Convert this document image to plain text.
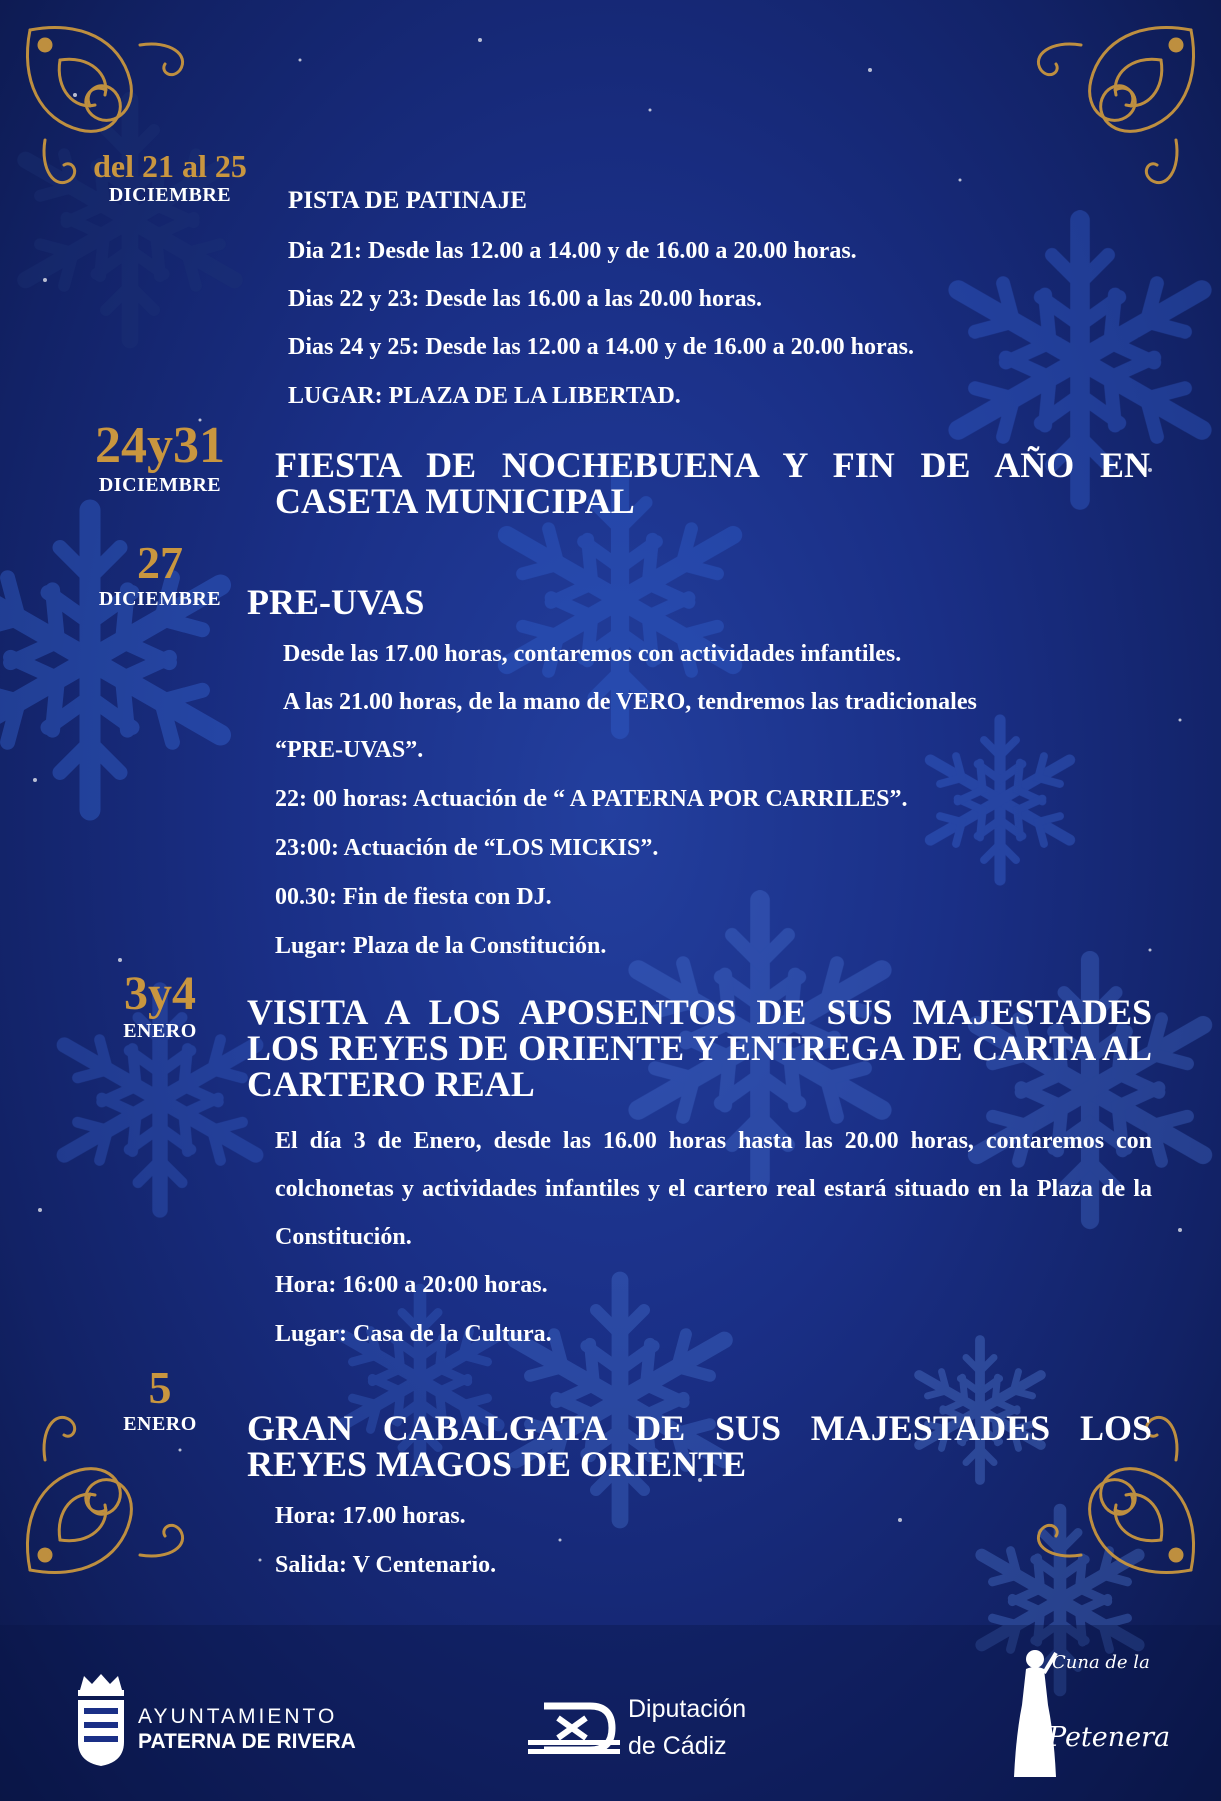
del 21 al 25
DICIEMBRE	PISTA DE PATINAJE
Dia 21: Desde las 12.00 a 14.00 y de 16.00 a 20.00 horas.
Dias 22 y 23: Desde las 16.00 a las 20.00 horas.
Dias 24 y 25: Desde las 12.00 a 14.00 y de 16.00 a 20.00 horas.
LUGAR: PLAZA DE LA LIBERTAD.
24y31
DICIEMBRE	FIESTA DE NOCHEBUENA Y FIN DE AÑO EN CASETA MUNICIPAL
27
DICIEMBRE PRE-UVAS
Desde las 17.00 horas, contaremos con actividades infantiles.
A las 21.00 horas, de la mano de VERO, tendremos las tradicionales
“PRE-UVAS”.
22: 00 horas: Actuación de “ A PATERNA POR CARRILES”.
23:00: Actuación de “LOS MICKIS”.
00.30: Fin de fiesta con DJ.
Lugar: Plaza de la Constitución.
3y4
ENERO	VISITA A LOS APOSENTOS DE SUS MAJESTADES LOS REYES DE ORIENTE Y ENTREGA DE CARTA AL CARTERO REAL
El día 3 de Enero, desde las 16.00 horas hasta las 20.00 horas, contaremos con colchonetas y actividades infantiles y el cartero real estará situado en la Plaza de la Constitución.
Hora: 16:00 a 20:00 horas.
Lugar: Casa de la Cultura.
5
ENERO	GRAN CABALGATA DE SUS MAJESTADES LOS REYES MAGOS DE ORIENTE
Hora: 17.00 horas.
Salida: V Centenario.
AYUNTAMIENTO
PATERNA DE RIVERA
Diputación
de Cádiz
Cuna de la
Petenera
